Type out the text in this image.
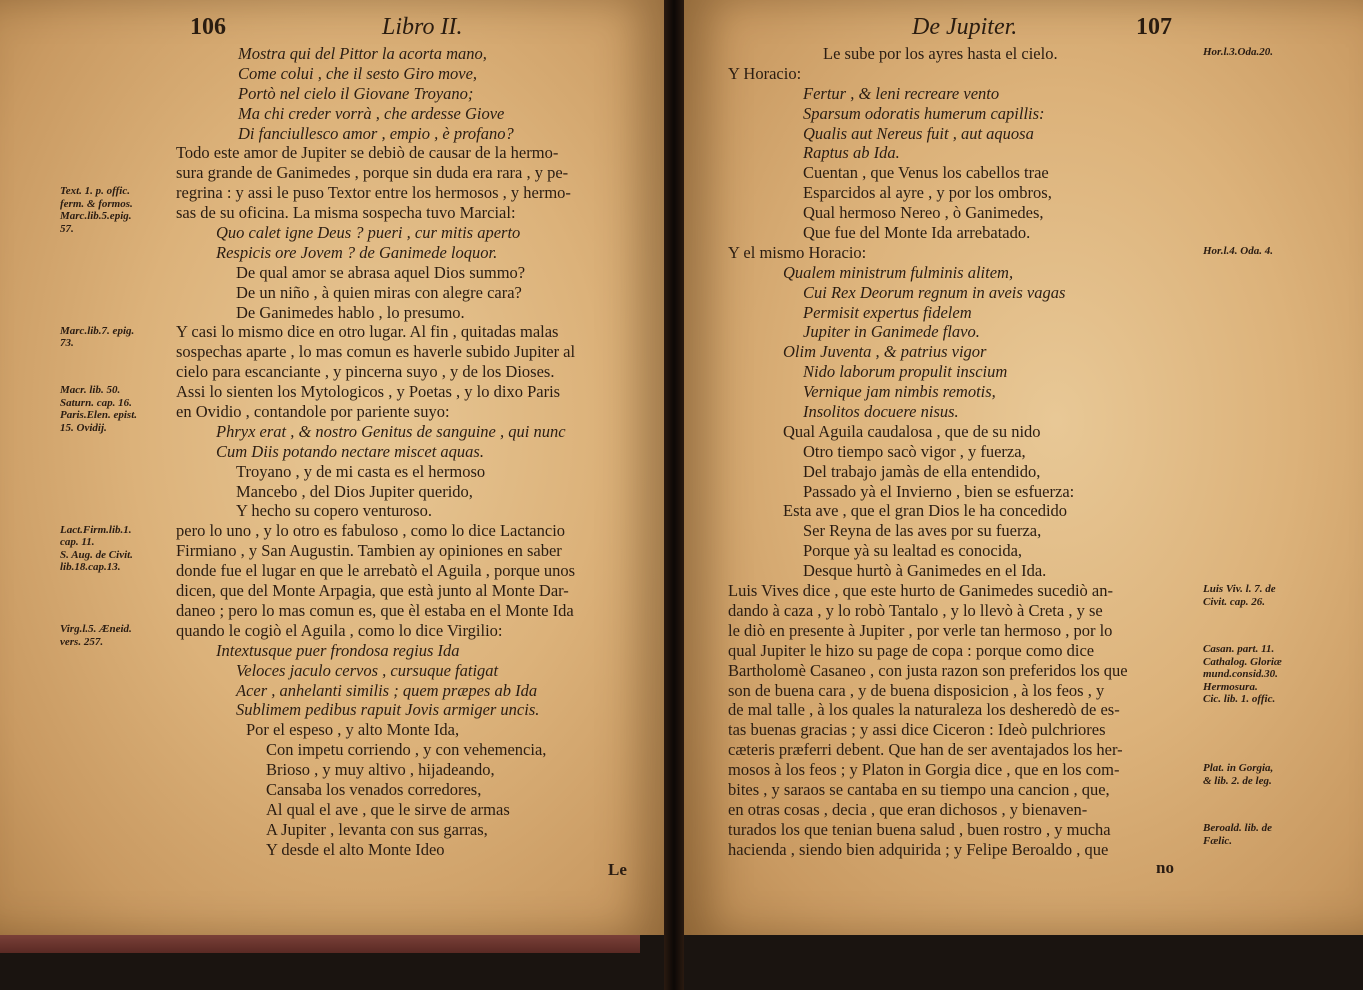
106	Libro II.
Mostra qui del Pittor la acorta mano,
Come colui , che il sesto Giro move,
Portò nel cielo il Giovane Troyano;
Ma chi creder vorrà , che ardesse Giove
Di fanciullesco amor , empio , è profano?
Todo este amor de Jupiter se debiò de causar de la hermo-
sura grande de Ganimedes , porque sin duda era rara , y pe-
regrina : y assi le puso Textor entre los hermosos , y hermo-
sas de su oficina. La misma sospecha tuvo Marcial:
Quo calet igne Deus ? pueri , cur mitis aperto
Respicis ore Jovem ? de Ganimede loquor.
De qual amor se abrasa aquel Dios summo?
De un niño , à quien miras con alegre cara?
De Ganimedes hablo , lo presumo.
Y casi lo mismo dice en otro lugar. Al fin , quitadas malas
sospechas aparte , lo mas comun es haverle subido Jupiter al
cielo para escanciante , y pincerna suyo , y de los Dioses.
Assi lo sienten los Mytologicos , y Poetas , y lo dixo Paris
en Ovidio , contandole por pariente suyo:
Phryx erat , & nostro Genitus de sanguine , qui nunc
Cum Diis potando nectare miscet aquas.
Troyano , y de mi casta es el hermoso
Mancebo , del Dios Jupiter querido,
Y hecho su copero venturoso.
pero lo uno , y lo otro es fabuloso , como lo dice Lactancio
Firmiano , y San Augustin. Tambien ay opiniones en saber
donde fue el lugar en que le arrebatò el Aguila , porque unos
dicen, que del Monte Arpagia, que està junto al Monte Dar-
daneo ; pero lo mas comun es, que èl estaba en el Monte Ida
quando le cogiò el Aguila , como lo dice Virgilio:
Intextusque puer frondosa regius Ida
Veloces jaculo cervos , cursuque fatigat
Acer , anhelanti similis ; quem præpes ab Ida
Sublimem pedibus rapuit Jovis armiger uncis.
Por el espeso , y alto Monte Ida,
Con impetu corriendo , y con vehemencia,
Brioso , y muy altivo , hijadeando,
Cansaba los venados corredores,
Al qual el ave , que le sirve de armas
A Jupiter , levanta con sus garras,
Y desde el alto Monte Ideo
Text. 1. p. offic.
ferm. & formos.
Marc.lib.5.epig.
57.
Marc.lib.7. epig.
73.
Macr. lib. 50.
Saturn. cap. 16.
Paris.Elen. epist.
15. Ovidij.
Lact.Firm.lib.1.
cap. 11.
S. Aug. de Civit.
lib.18.cap.13.
Virg.l.5. Æneid.
vers. 257.
Le
De Jupiter.	107
Le sube por los ayres hasta el cielo.
Y Horacio:
Fertur , & leni recreare vento
Sparsum odoratis humerum capillis:
Qualis aut Nereus fuit , aut aquosa
Raptus ab Ida.
Cuentan , que Venus los cabellos trae
Esparcidos al ayre , y por los ombros,
Qual hermoso Nereo , ò Ganimedes,
Que fue del Monte Ida arrebatado.
Y el mismo Horacio:
Qualem ministrum fulminis alitem,
Cui Rex Deorum regnum in aveis vagas
Permisit expertus fidelem
Jupiter in Ganimede flavo.
Olim Juventa , & patrius vigor
Nido laborum propulit inscium
Vernique jam nimbis remotis,
Insolitos docuere nisus.
Qual Aguila caudalosa , que de su nido
Otro tiempo sacò vigor , y fuerza,
Del trabajo jamàs de ella entendido,
Passado yà el Invierno , bien se esfuerza:
Esta ave , que el gran Dios le ha concedido
Ser Reyna de las aves por su fuerza,
Porque yà su lealtad es conocida,
Desque hurtò à Ganimedes en el Ida.
Luis Vives dice , que este hurto de Ganimedes sucediò an-
dando à caza , y lo robò Tantalo , y lo llevò à Creta , y se
le diò en presente à Jupiter , por verle tan hermoso , por lo
qual Jupiter le hizo su page de copa : porque como dice
Bartholomè Casaneo , con justa razon son preferidos los que
son de buena cara , y de buena disposicion , à los feos , y
de mal talle , à los quales la naturaleza los desheredò de es-
tas buenas gracias ; y assi dice Ciceron : Ideò pulchriores
cæteris præferri debent. Que han de ser aventajados los her-
mosos à los feos ; y Platon in Gorgia dice , que en los com-
bites , y saraos se cantaba en su tiempo una cancion , que,
en otras cosas , decia , que eran dichosos , y bienaven-
turados los que tenian buena salud , buen rostro , y mucha
hacienda , siendo bien adquirida ; y Felipe Beroaldo , que
Hor.l.3.Oda.20.
Hor.l.4. Oda. 4.
Luis Viv. l. 7. de
Civit. cap. 26.
Casan. part. 11.
Cathalog. Gloriæ
mund.consid.30.
Hermosura.
Cic. lib. 1. offic.
Plat. in Gorgia,
& lib. 2. de leg.
Beroald. lib. de
Fælic.
no
